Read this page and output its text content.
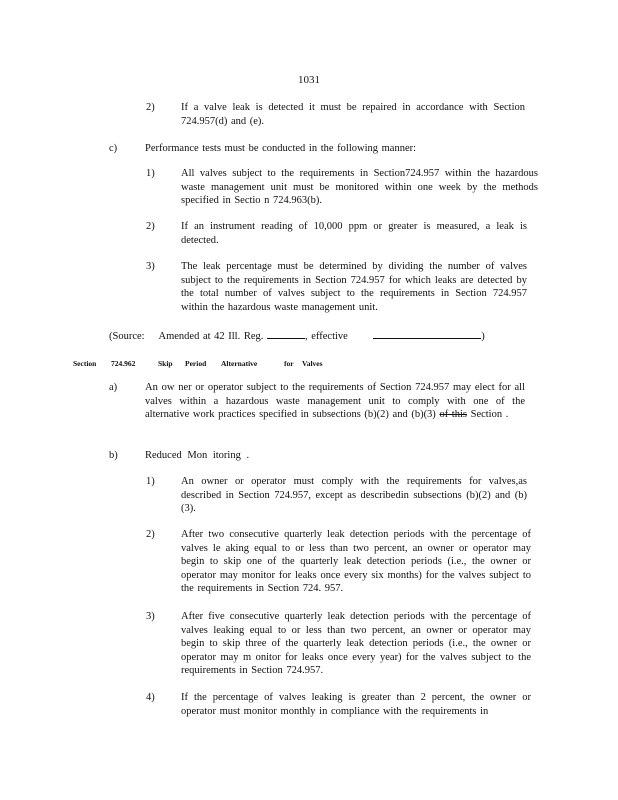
1031
2)	If a valve leak is detected it must be repaired in accordance with Section 724.957(d) and (e).
c)	Performance tests must be conducted in the following manner:
1)	All valves subject to the requirements in Section724.957 within the hazardous waste management unit must be monitored within one week by the methods specified in Sectio n 724.963(b).
2)	If an instrument reading of 10,000 ppm or greater is measured, a leak is detected.
3)	The leak percentage must be determined by dividing the number of valves subject to the requirements in Section 724.957 for which leaks are detected by the total number of valves subject to the requirements in Section 724.957 within the hazardous waste management unit.
(Source: Amended at 42 Ill. Reg.	, effective	)
Section 724.962	Skip Period Alternative	for Valves
a)	An ow ner or operator subject to the requirements of Section 724.957 may elect for all valves within a hazardous waste management unit to comply with one of the alternative work practices specified in subsections (b)(2) and (b)(3) of this Section .
b)	Reduced Mon itoring .
1)	An owner or operator must comply with the requirements for valves,as described in Section 724.957, except as describedin subsections (b)(2) and (b)(3).
2)	After two consecutive quarterly leak detection periods with the percentage of valves le aking equal to or less than two percent, an owner or operator may begin to skip one of the quarterly leak detection periods (i.e., the owner or operator may monitor for leaks once every six months) for the valves subject to the requirements in Section 724. 957.
3)	After five consecutive quarterly leak detection periods with the percentage of valves leaking equal to or less than two percent, an owner or operator may begin to skip three of the quarterly leak detection periods (i.e., the owner or operator may m onitor for leaks once every year) for the valves subject to the requirements in Section 724.957.
4)	If the percentage of valves leaking is greater than 2 percent, the owner or operator must monitor monthly in compliance with the requirements in
